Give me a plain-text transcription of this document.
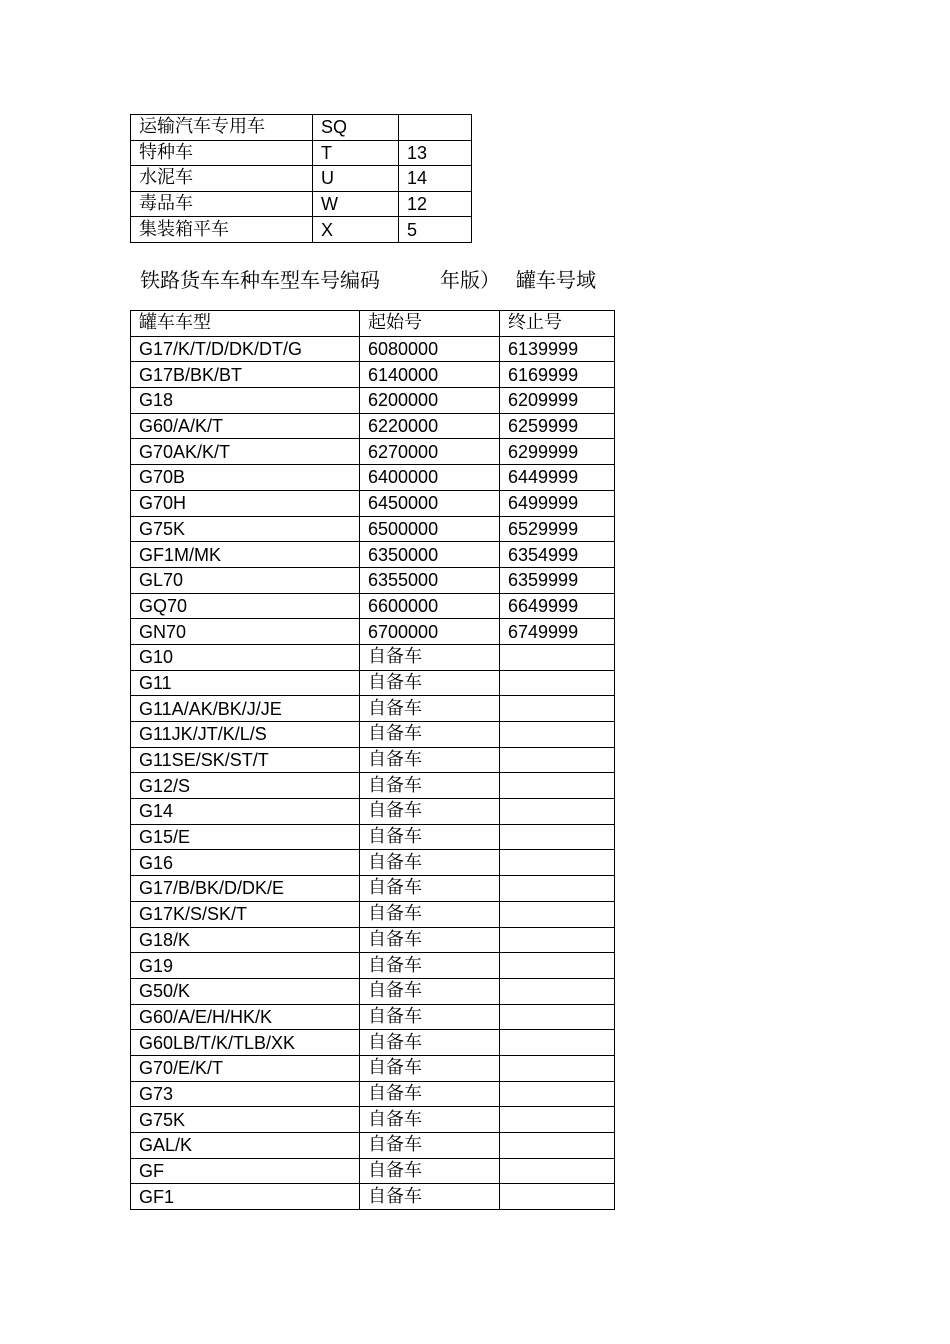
运输汽车专用车	SQ	
特种车	T	13
水泥车	U	14
毒品车	W	12
集装箱平车	X	5
铁路货车车种车型车号编码	年版） 罐车号域
罐车车型	起始号	终止号
G17/K/T/D/DK/DT/G	6080000	6139999
G17B/BK/BT	6140000	6169999
G18	6200000	6209999
G60/A/K/T	6220000	6259999
G70AK/K/T	6270000	6299999
G70B	6400000	6449999
G70H	6450000	6499999
G75K	6500000	6529999
GF1M/MK	6350000	6354999
GL70	6355000	6359999
GQ70	6600000	6649999
GN70	6700000	6749999
G10	自备车	
G11	自备车	
G11A/AK/BK/J/JE	自备车	
G11JK/JT/K/L/S	自备车	
G11SE/SK/ST/T	自备车	
G12/S	自备车	
G14	自备车	
G15/E	自备车	
G16	自备车	
G17/B/BK/D/DK/E	自备车	
G17K/S/SK/T	自备车	
G18/K	自备车	
G19	自备车	
G50/K	自备车	
G60/A/E/H/HK/K	自备车	
G60LB/T/K/TLB/XK	自备车	
G70/E/K/T	自备车	
G73	自备车	
G75K	自备车	
GAL/K	自备车	
GF	自备车	
GF1	自备车	
